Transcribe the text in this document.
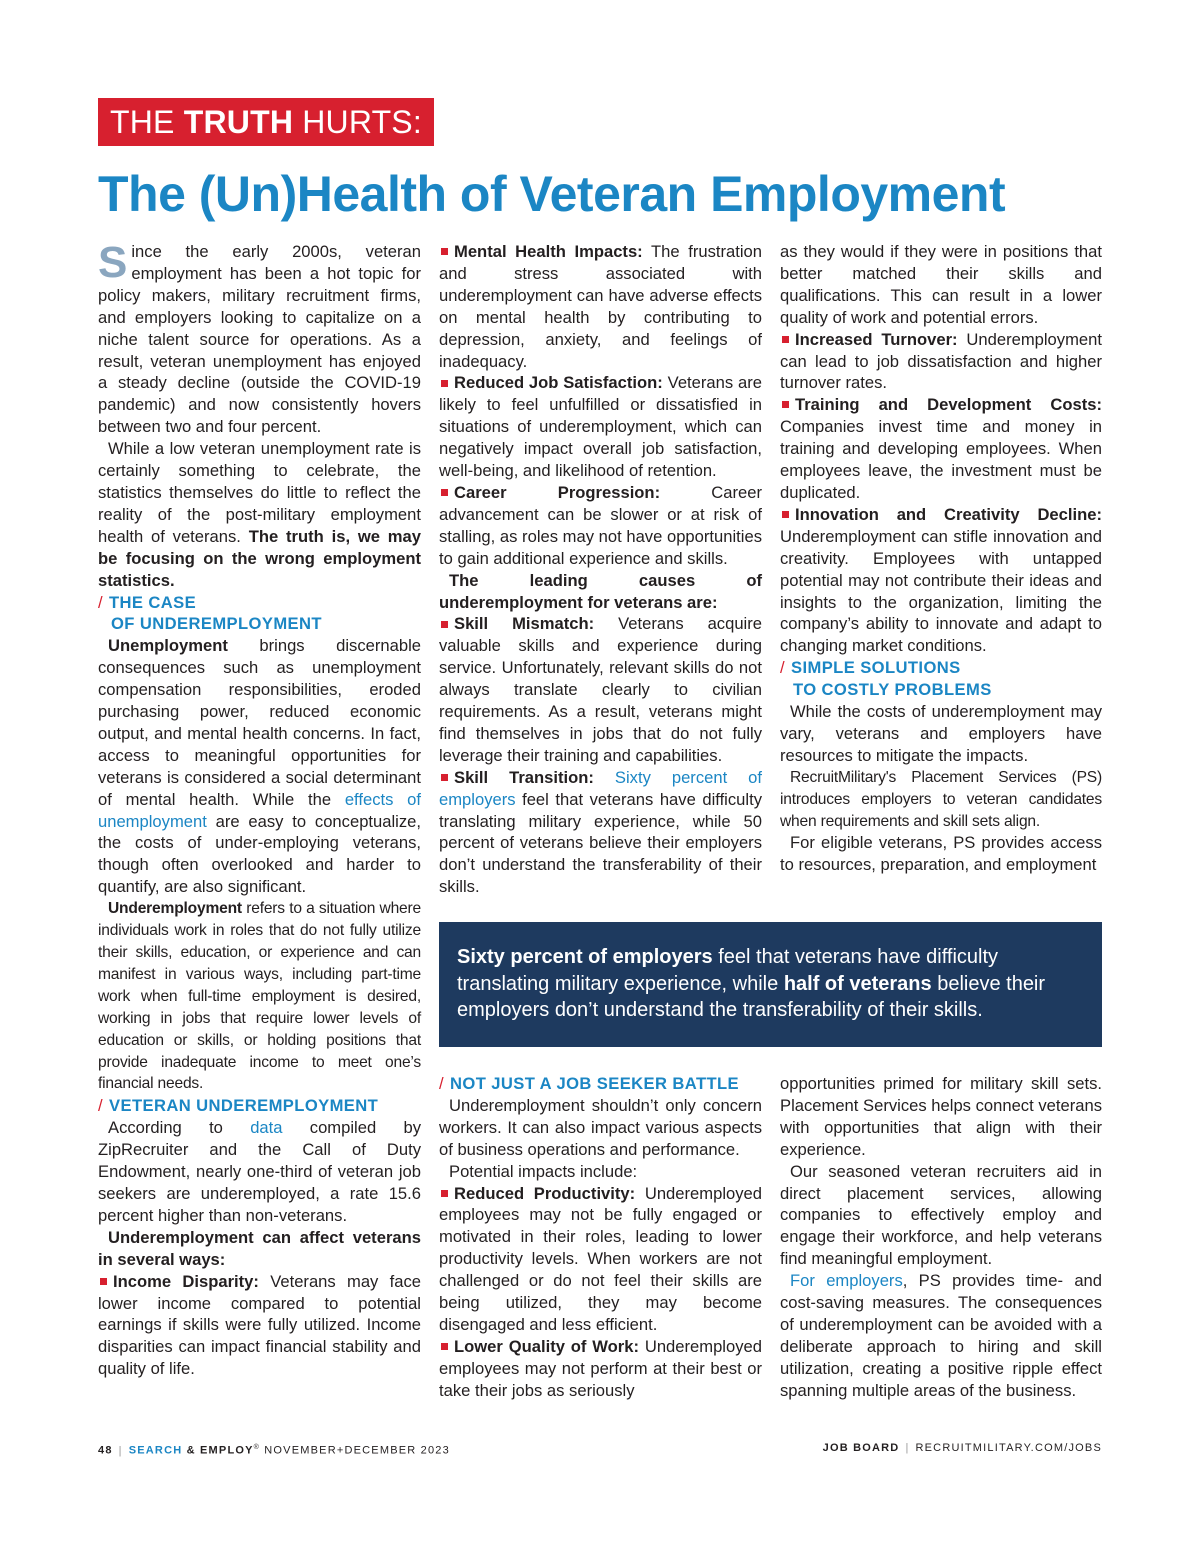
THE TRUTH HURTS:
The (Un)Health of Veteran Employment

Since the early 2000s, veteran employment has been a hot topic for policy makers, military recruitment firms, and employers looking to capitalize on a niche talent source for operations. As a result, veteran unemployment has enjoyed a steady decline (outside the COVID-19 pandemic) and now consistently hovers between two and four percent.

While a low veteran unemployment rate is certainly something to celebrate, the statistics themselves do little to reflect the reality of the post-military employment health of veterans. The truth is, we may be focusing on the wrong employment statistics.

/ THE CASE
OF UNDEREMPLOYMENT

Unemployment brings discernable consequences such as unemployment compensation responsibilities, eroded purchasing power, reduced economic output, and mental health concerns. In fact, access to meaningful opportunities for veterans is considered a social determinant of mental health. While the effects of unemployment are easy to conceptualize, the costs of under-employing veterans, though often overlooked and harder to quantify, are also significant.

Underemployment refers to a situation where individuals work in roles that do not fully utilize their skills, education, or experience and can manifest in various ways, including part-time work when full-time employment is desired, working in jobs that require lower levels of education or skills, or holding positions that provide inadequate income to meet one’s financial needs.

/ VETERAN UNDEREMPLOYMENT

According to data compiled by ZipRecruiter and the Call of Duty Endowment, nearly one-third of veteran job seekers are underemployed, a rate 15.6 percent higher than non-veterans.

Underemployment can affect veterans in several ways:

Income Disparity: Veterans may face lower income compared to potential earnings if skills were fully utilized. Income disparities can impact financial stability and quality of life.

Mental Health Impacts: The frustration and stress associated with underemployment can have adverse effects on mental health by contributing to depression, anxiety, and feelings of inadequacy.

Reduced Job Satisfaction: Veterans are likely to feel unfulfilled or dissatisfied in situations of underemployment, which can negatively impact overall job satisfaction, well-being, and likelihood of retention.

Career Progression: Career advancement can be slower or at risk of stalling, as roles may not have opportunities to gain additional experience and skills.

The leading causes of underemployment for veterans are:

Skill Mismatch: Veterans acquire valuable skills and experience during service. Unfortunately, relevant skills do not always translate clearly to civilian requirements. As a result, veterans might find themselves in jobs that do not fully leverage their training and capabilities.

Skill Transition: Sixty percent of employers feel that veterans have difficulty translating military experience, while 50 percent of veterans believe their employers don’t understand the transferability of their skills.

as they would if they were in positions that better matched their skills and qualifications. This can result in a lower quality of work and potential errors.

Increased Turnover: Underemployment can lead to job dissatisfaction and higher turnover rates.

Training and Development Costs: Companies invest time and money in training and developing employees. When employees leave, the investment must be duplicated.

Innovation and Creativity Decline: Underemployment can stifle innovation and creativity. Employees with untapped potential may not contribute their ideas and insights to the organization, limiting the company’s ability to innovate and adapt to changing market conditions.

/ SIMPLE SOLUTIONS
TO COSTLY PROBLEMS

While the costs of underemployment may vary, veterans and employers have resources to mitigate the impacts.

RecruitMilitary's Placement Services (PS) introduces employers to veteran candidates when requirements and skill sets align.

For eligible veterans, PS provides access to resources, preparation, and employment

Sixty percent of employers feel that veterans have difficulty translating military experience, while half of veterans believe their employers don’t understand the transferability of their skills.
/ NOT JUST A JOB SEEKER BATTLE

Underemployment shouldn’t only concern workers. It can also impact various aspects of business operations and performance.

Potential impacts include:

Reduced Productivity: Underemployed employees may not be fully engaged or motivated in their roles, leading to lower productivity levels. When workers are not challenged or do not feel their skills are being utilized, they may become disengaged and less efficient.

Lower Quality of Work: Underemployed employees may not perform at their best or take their jobs as seriously

opportunities primed for military skill sets. Placement Services helps connect veterans with opportunities that align with their experience.

Our seasoned veteran recruiters aid in direct placement services, allowing companies to effectively employ and engage their workforce, and help veterans find meaningful employment.

For employers, PS provides time- and cost-saving measures. The consequences of underemployment can be avoided with a deliberate approach to hiring and skill utilization, creating a positive ripple effect spanning multiple areas of the business.

48 | SEARCH & EMPLOY® NOVEMBER+DECEMBER 2023	JOB BOARD | RECRUITMILITARY.COM/JOBS
